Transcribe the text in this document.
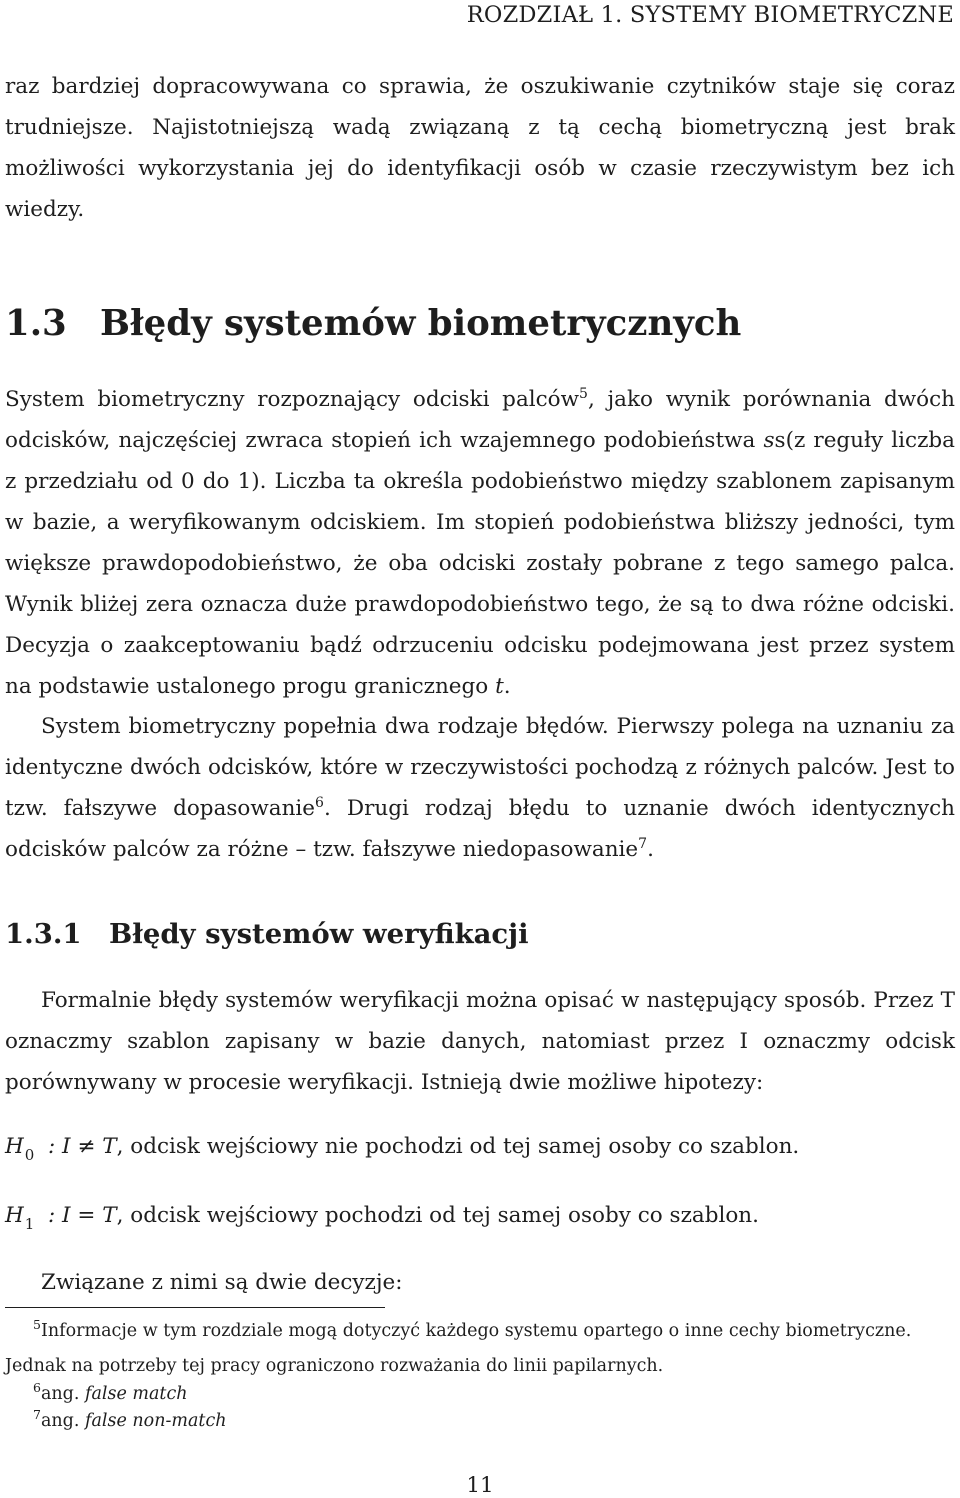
ROZDZIAŁ 1. SYSTEMY BIOMETRYCZNE

raz bardziej dopracowywana co sprawia, że oszukiwanie czytników staje się coraz trudniejsze. Najistotniejszą wadą związaną z tą cechą biometryczną jest brak możliwości wykorzystania jej do identyfikacji osób w czasie rzeczywistym bez ich wiedzy.

1.3 Błędy systemów biometrycznych

System biometryczny rozpoznający odciski palców$^5$, jako wynik porównania dwóch odcisków, najczęściej zwraca stopień ich wzajemnego podobieństwa ss(z reguły liczba z przedziału od 0 do 1). Liczba ta określa podobieństwo między szablonem zapisanym w bazie, a weryfikowanym odciskiem. Im stopień podobieństwa bliższy jedności, tym większe prawdopodobieństwo, że oba odciski zostały pobrane z tego samego palca. Wynik bliżej zera oznacza duże prawdopodobieństwo tego, że są to dwa różne odciski. Decyzja o zaakceptowaniu bądź odrzuceniu odcisku podejmowana jest przez system na podstawie ustalonego progu granicznego t.

System biometryczny popełnia dwa rodzaje błędów. Pierwszy polega na uznaniu za identyczne dwóch odcisków, które w rzeczywistości pochodzą z różnych palców. Jest to tzw. fałszywe dopasowanie$^6$. Drugi rodzaj błędu to uznanie dwóch identycznych odcisków palców za różne – tzw. fałszywe niedopasowanie$^7$.

1.3.1 Błędy systemów weryfikacji

Formalnie błędy systemów weryfikacji można opisać w następujący sposób. Przez T oznaczmy szablon zapisany w bazie danych, natomiast przez I oznaczmy odcisk porównywany w procesie weryfikacji. Istnieją dwie możliwe hipotezy:

$H_0$ : I ≠ T, odcisk wejściowy nie pochodzi od tej samej osoby co szablon.
$H_1$ : I = T, odcisk wejściowy pochodzi od tej samej osoby co szablon.

Związane z nimi są dwie decyzje:

$^5$Informacje w tym rozdziale mogą dotyczyć każdego systemu opartego o inne cechy biometryczne.

Jednak na potrzeby tej pracy ograniczono rozważania do linii papilarnych.

$^6$ang. false match

$^7$ang. false non-match

11
